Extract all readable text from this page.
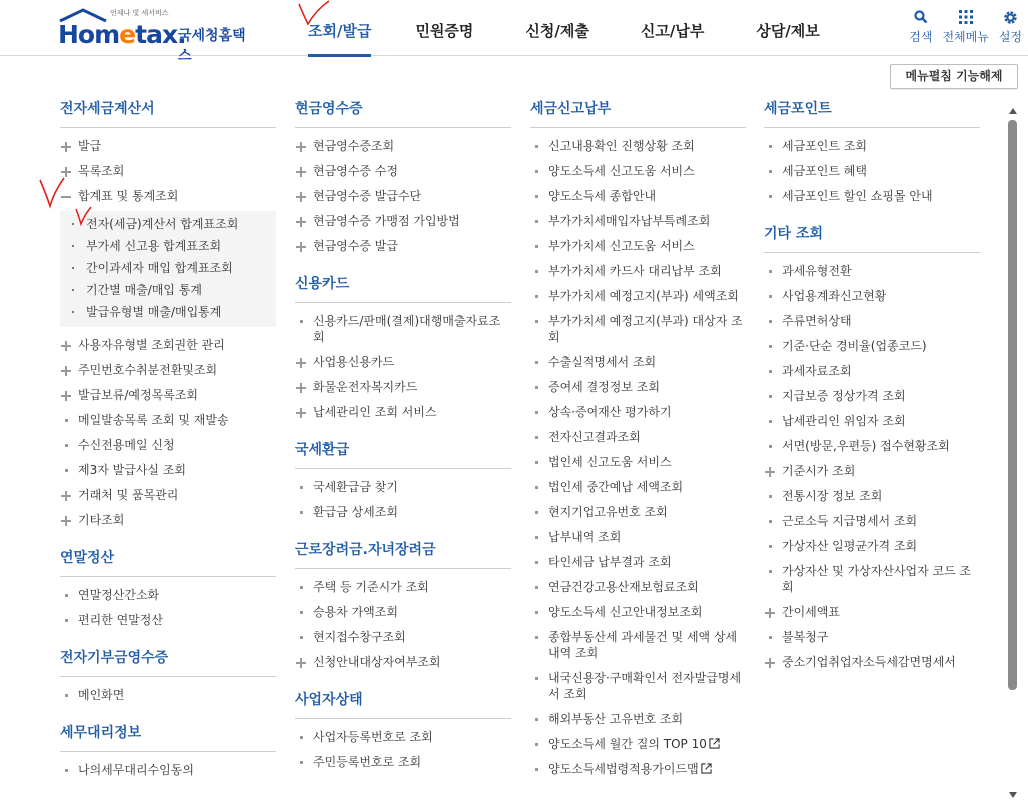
언제나 빛 세서비스
Hometax.
국세청홈택스
조회/발급	민원증명	신청/제출	신고/납부	상담/제보	검색 전체메뉴 설정
메뉴펼침 기능해제
전자세금계산서
발급
목록조회
합계표 및 통계조회
전자(세금)계산서 합계표조회
부가세 신고용 합계표조회
간이과세자 매입 합계표조회
기간별 매출/매입 통계
발급유형별 매출/매입통계
사용자유형별 조회권한 관리
주민번호수취분전환및조회
발급보류/예정목록조회
메일발송목록 조회 및 재발송
수신전용메일 신청
제3자 발급사실 조회
거래처 및 품목관리
기타조회
연말정산
연말정산간소화
편리한 연말정산
전자기부금영수증
메인화면
세무대리정보
나의세무대리수임동의
현금영수증
현금영수증조회
현금영수증 수정
현금영수증 발급수단
현금영수증 가맹점 가입방법
현금영수증 발급
신용카드
신용카드/판매(결제)대행매출자료조회
사업용신용카드
화물운전자복지카드
납세관리인 조회 서비스
국세환급
국세환급금 찾기
환급금 상세조회
근로장려금.자녀장려금
주택 등 기준시가 조회
승용차 가액조회
현지접수창구조회
신청안내대상자여부조회
사업자상태
사업자등록번호로 조회
주민등록번호로 조회
세금신고납부
신고내용확인 진행상황 조회
양도소득세 신고도움 서비스
양도소득세 종합안내
부가가치세매입자납부특례조회
부가가치세 신고도움 서비스
부가가치세 카드사 대리납부 조회
부가가치세 예정고지(부과) 세액조회
부가가치세 예정고지(부과) 대상자 조회
수출실적명세서 조회
증여세 결정정보 조회
상속·증여재산 평가하기
전자신고결과조회
법인세 신고도움 서비스
법인세 중간예납 세액조회
현지기업고유번호 조회
납부내역 조회
타인세금 납부결과 조회
연금건강고용산재보험료조회
양도소득세 신고안내정보조회
종합부동산세 과세물건 및 세액 상세내역 조회
내국신용장·구매확인서 전자발급명세서 조회
해외부동산 고유번호 조회
양도소득세 월간 질의 TOP 10
양도소득세법령적용가이드맵
세금포인트
세금포인트 조회
세금포인트 혜택
세금포인트 할인 쇼핑몰 안내
기타 조회
과세유형전환
사업용계좌신고현황
주류면허상태
기준·단순 경비율(업종코드)
과세자료조회
지급보증 정상가격 조회
납세관리인 위임자 조회
서면(방문,우편등) 접수현황조회
기준시가 조회
전통시장 정보 조회
근로소득 지급명세서 조회
가상자산 일평균가격 조회
가상자산 및 가상자산사업자 코드 조회
간이세액표
불복청구
중소기업취업자소득세감면명세서
